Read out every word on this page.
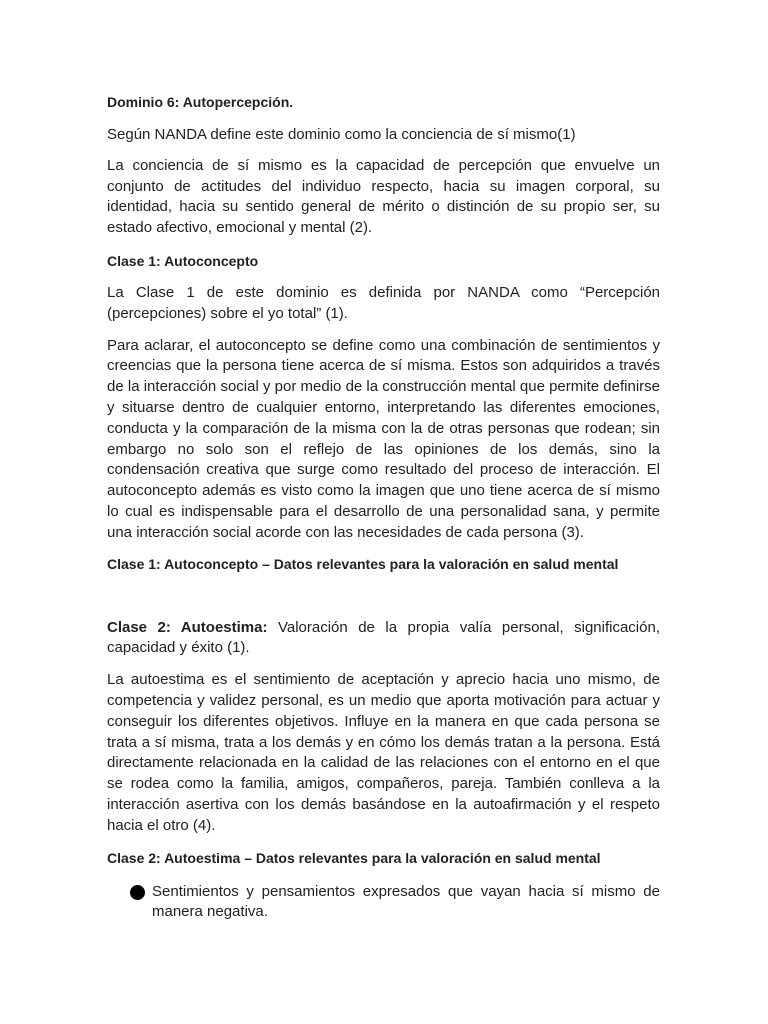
Dominio 6: Autopercepción.

Según NANDA define este dominio como la conciencia de sí mismo(1)

La conciencia de sí mismo es la capacidad de percepción que envuelve un conjunto de actitudes del individuo respecto, hacia su imagen corporal, su identidad, hacia su sentido general de mérito o distinción de su propio ser, su estado afectivo, emocional y mental (2).

Clase 1: Autoconcepto

La Clase 1 de este dominio es definida por NANDA como “Percepción (percepciones) sobre el yo total” (1).

Para aclarar, el autoconcepto se define como una combinación de sentimientos y creencias que la persona tiene acerca de sí misma. Estos son adquiridos a través de la interacción social y por medio de la construcción mental que permite definirse y situarse dentro de cualquier entorno, interpretando las diferentes emociones, conducta y la comparación de la misma con la de otras personas que rodean; sin embargo no solo son el reflejo de las opiniones de los demás, sino la condensación creativa que surge como resultado del proceso de interacción. El autoconcepto además es visto como la imagen que uno tiene acerca de sí mismo lo cual es indispensable para el desarrollo de una personalidad sana, y permite una interacción social acorde con las necesidades de cada persona (3).

Clase 1: Autoconcepto – Datos relevantes para la valoración en salud mental

Clase 2: Autoestima: Valoración de la propia valía personal, significación, capacidad y éxito (1).

La autoestima es el sentimiento de aceptación y aprecio hacia uno mismo, de competencia y validez personal, es un medio que aporta motivación para actuar y conseguir los diferentes objetivos. Influye en la manera en que cada persona se trata a sí misma, trata a los demás y en cómo los demás tratan a la persona. Está directamente relacionada en la calidad de las relaciones con el entorno en el que se rodea como la familia, amigos, compañeros, pareja. También conlleva a la interacción asertiva con los demás basándose en la autoafirmación y el respeto hacia el otro (4).

Clase 2: Autoestima – Datos relevantes para la valoración en salud mental

Sentimientos y pensamientos expresados que vayan hacia sí mismo de manera negativa.
